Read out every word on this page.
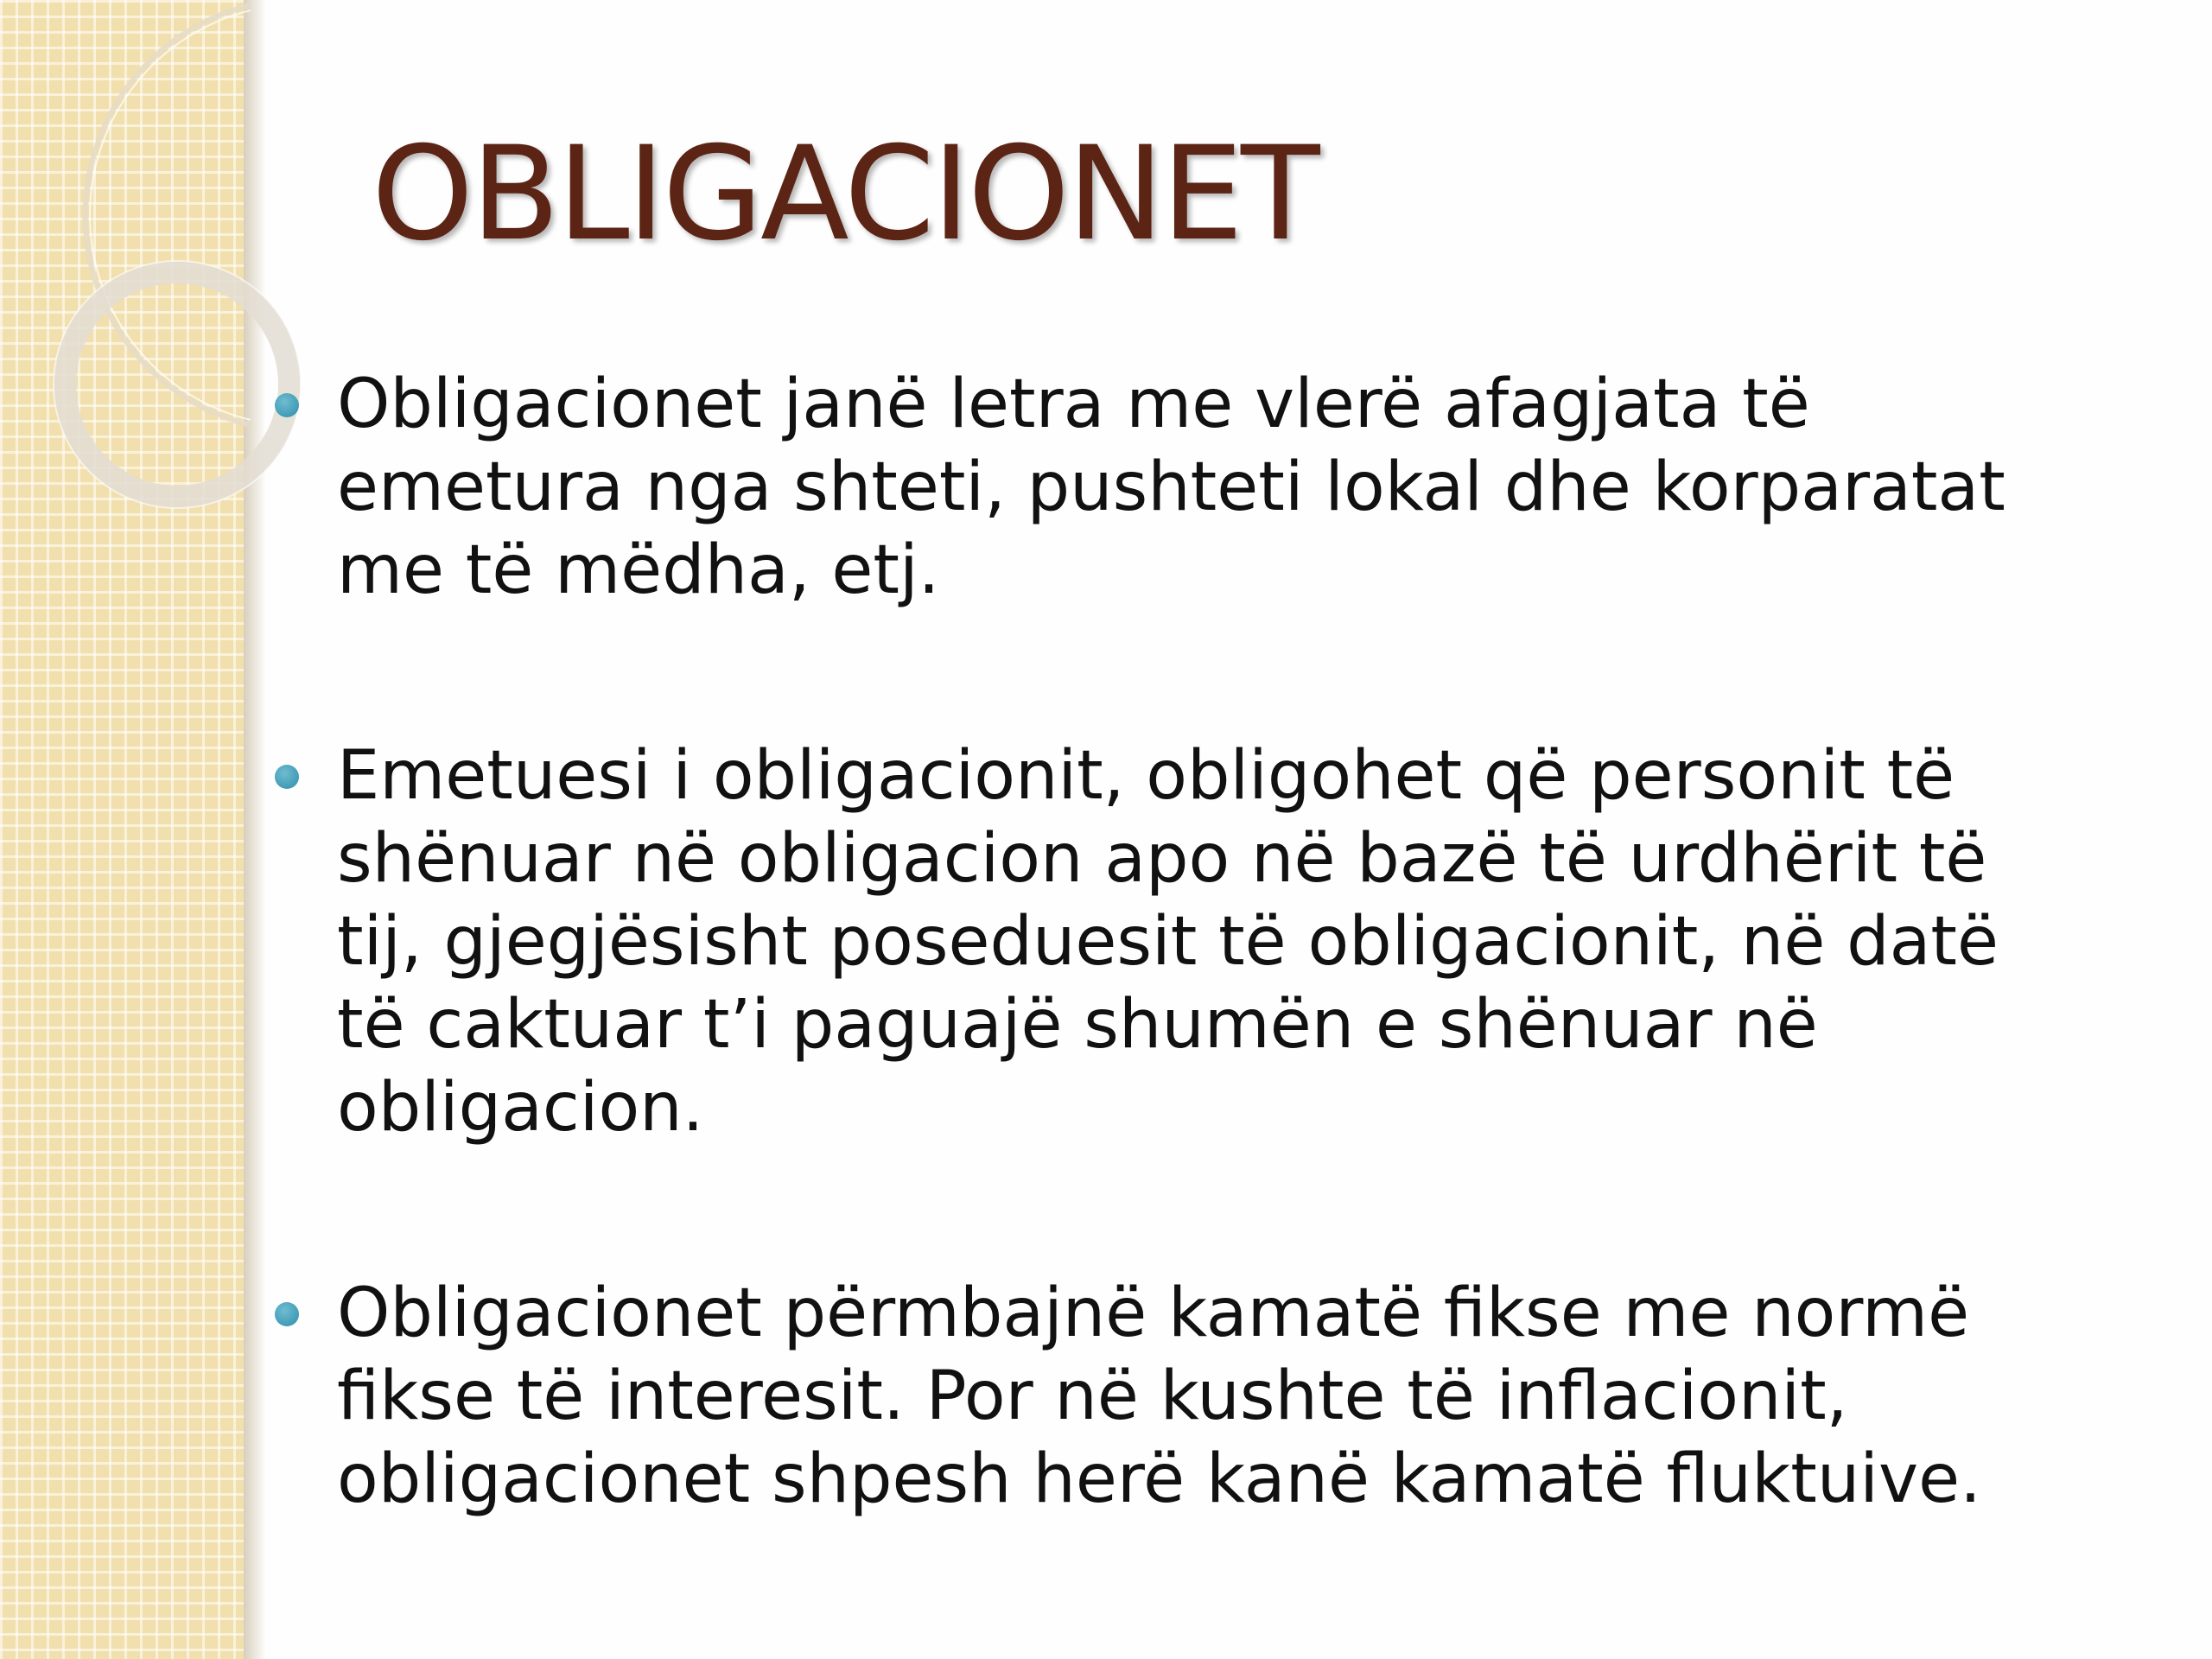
OBLIGACIONET
Obligacionet janë letra me vlerë afagjata të emetura nga shteti, pushteti lokal dhe korparatat me të mëdha, etj.
Emetuesi i obligacionit, obligohet që personit të shënuar në obligacion apo në bazë të urdhërit të tij, gjegjësisht poseduesit të obligacionit, në datë të caktuar t’i paguajë shumën e shënuar në obligacion.
Obligacionet përmbajnë kamatë fikse me normë fikse të interesit. Por në kushte të inflacionit, obligacionet shpesh herë kanë kamatë fluktuive.
